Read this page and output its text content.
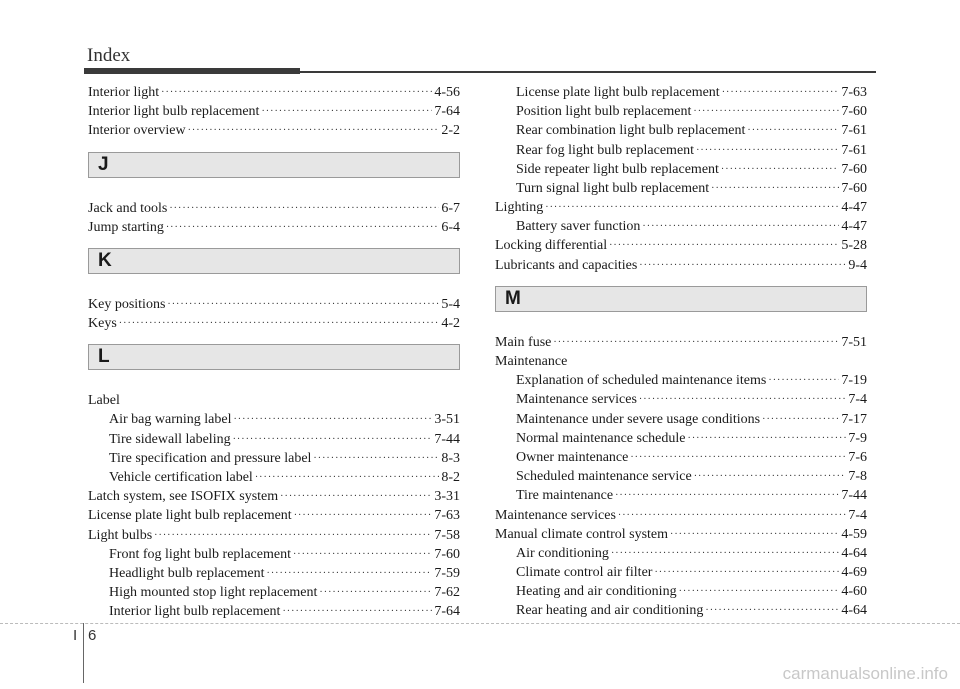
Index
Interior light ·····	4-56
Interior light bulb replacement ·····	7-64
Interior overview ·····	2-2
J
Jack and tools ·····	6-7
Jump starting ·····	6-4
K
Key positions ·····	5-4
Keys ·····	4-2
L
Label
Air bag warning label ·····	3-51
Tire sidewall labeling ·····	7-44
Tire specification and pressure label ·····	8-3
Vehicle certification label ·····	8-2
Latch system, see ISOFIX system ·····	3-31
License plate light bulb replacement ·····	7-63
Light bulbs ·····	7-58
Front fog light bulb replacement ·····	7-60
Headlight bulb replacement ·····	7-59
High mounted stop light replacement ·····	7-62
Interior light bulb replacement ·····	7-64
License plate light bulb replacement ·····	7-63
Position light bulb replacement ·····	7-60
Rear combination light bulb replacement ·····	7-61
Rear fog light bulb replacement ·····	7-61
Side repeater light bulb replacement ·····	7-60
Turn signal light bulb replacement ·····	7-60
Lighting ·····	4-47
Battery saver function ·····	4-47
Locking differential ·····	5-28
Lubricants and capacities ·····	9-4
M
Main fuse ·····	7-51
Maintenance
Explanation of scheduled maintenance items ·····	7-19
Maintenance services ·····	7-4
Maintenance under severe usage conditions ·····	7-17
Normal maintenance schedule ·····	7-9
Owner maintenance ·····	7-6
Scheduled maintenance service ·····	7-8
Tire maintenance ·····	7-44
Maintenance services ·····	7-4
Manual climate control system ·····	4-59
Air conditioning ·····	4-64
Climate control air filter ·····	4-69
Heating and air conditioning ·····	4-60
Rear heating and air conditioning ·····	4-64
I 6
carmanualsonline.info
